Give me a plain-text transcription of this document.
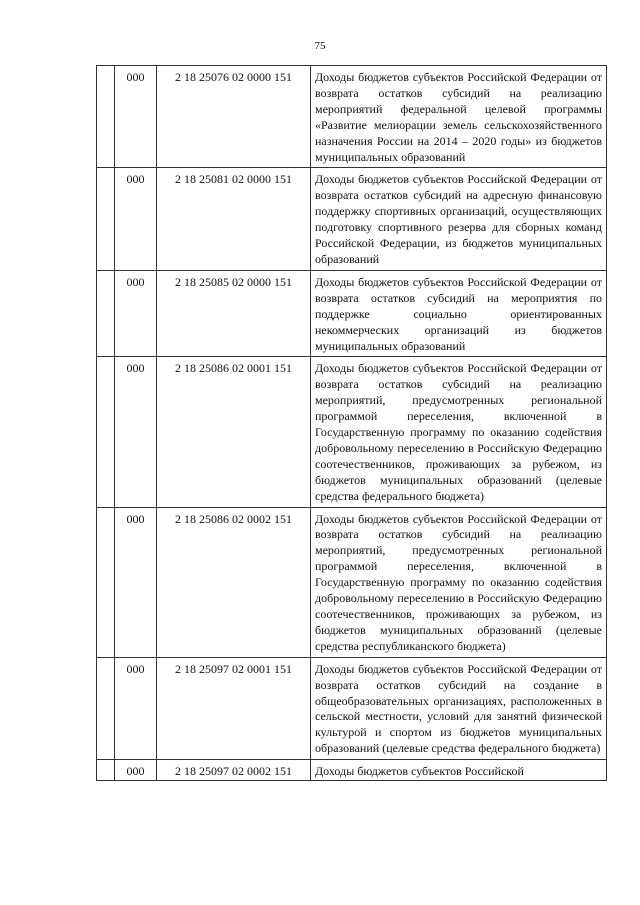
75
	000	2 18 25076 02 0000 151	Доходы бюджетов субъектов Российской Федерации от возврата остатков субсидий на реализацию мероприятий федеральной целевой программы «Развитие мелиорации земель сельскохозяйственного назначения России на 2014 – 2020 годы» из бюджетов муниципальных образований
	000	2 18 25081 02 0000 151	Доходы бюджетов субъектов Российской Федерации от возврата остатков субсидий на адресную финансовую поддержку спортивных организаций, осуществляющих подготовку спортивного резерва для сборных команд Российской Федерации, из бюджетов муниципальных образований
	000	2 18 25085 02 0000 151	Доходы бюджетов субъектов Российской Федерации от возврата остатков субсидий на мероприятия по поддержке социально ориентированных некоммерческих организаций из бюджетов муниципальных образований
	000	2 18 25086 02 0001 151	Доходы бюджетов субъектов Российской Федерации от возврата остатков субсидий на реализацию мероприятий, предусмотренных региональной программой переселения, включенной в Государственную программу по оказанию содействия добровольному переселению в Российскую Федерацию соотечественников, проживающих за рубежом, из бюджетов муниципальных образований (целевые средства федерального бюджета)
	000	2 18 25086 02 0002 151	Доходы бюджетов субъектов Российской Федерации от возврата остатков субсидий на реализацию мероприятий, предусмотренных региональной программой переселения, включенной в Государственную программу по оказанию содействия добровольному переселению в Российскую Федерацию соотечественников, проживающих за рубежом, из бюджетов муниципальных образований (целевые средства республиканского бюджета)
	000	2 18 25097 02 0001 151	Доходы бюджетов субъектов Российской Федерации от возврата остатков субсидий на создание в общеобразовательных организациях, расположенных в сельской местности, условий для занятий физической культурой и спортом из бюджетов муниципальных образований (целевые средства федерального бюджета)
	000	2 18 25097 02 0002 151	Доходы бюджетов субъектов Российской
